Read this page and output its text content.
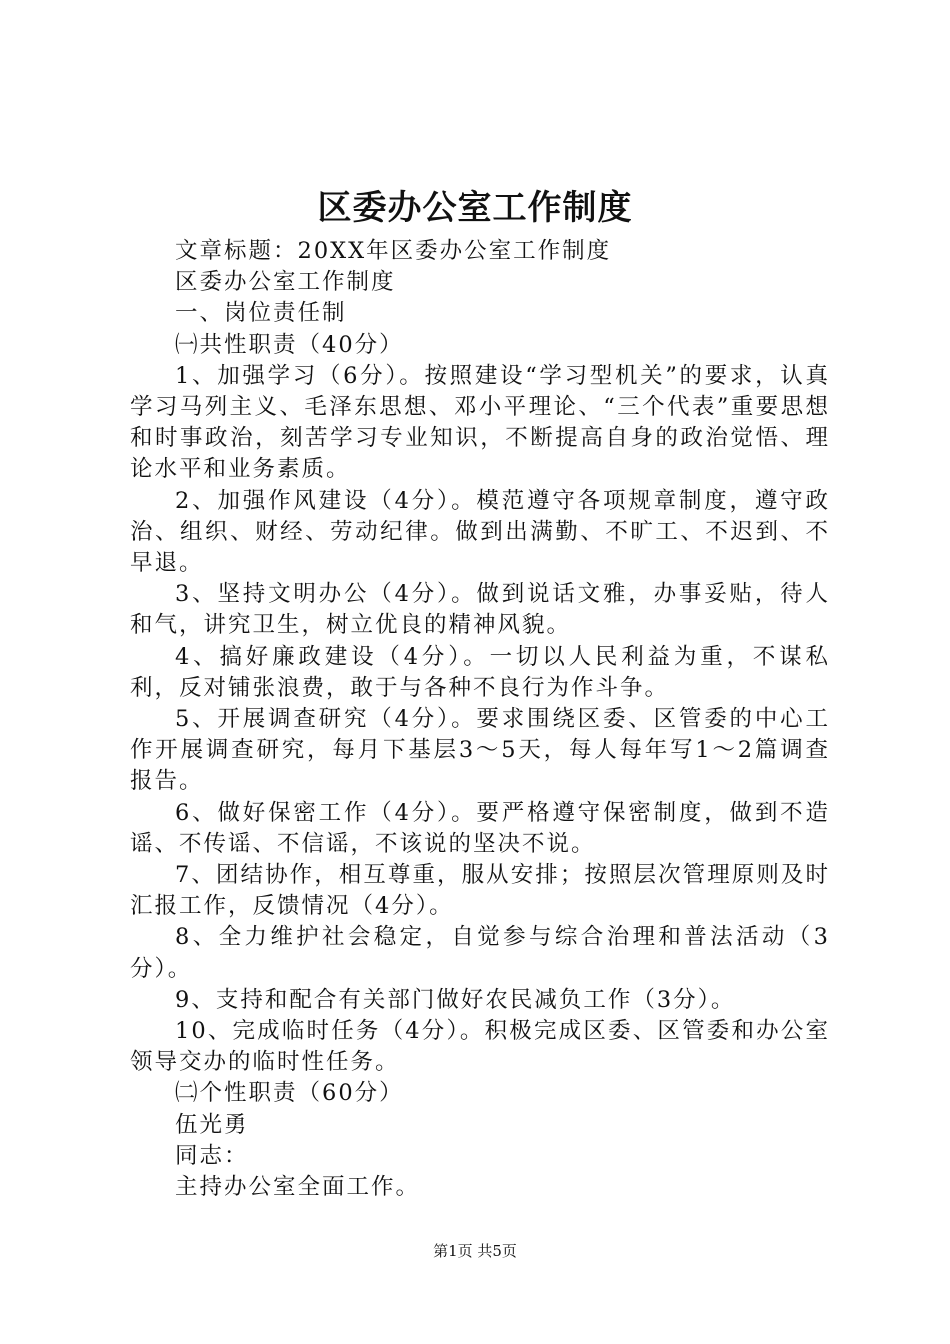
区委办公室工作制度

文章标题：20XX年区委办公室工作制度

区委办公室工作制度

一、岗位责任制

㈠共性职责（40分）

1、加强学习（6分）。按照建设“学习型机关”的要求，认真学习马列主义、毛泽东思想、邓小平理论、“三个代表”重要思想和时事政治，刻苦学习专业知识，不断提高自身的政治觉悟、理论水平和业务素质。

2、加强作风建设（4分）。模范遵守各项规章制度，遵守政治、组织、财经、劳动纪律。做到出满勤、不旷工、不迟到、不早退。

3、坚持文明办公（4分）。做到说话文雅，办事妥贴，待人和气，讲究卫生，树立优良的精神风貌。

4、搞好廉政建设（4分）。一切以人民利益为重，不谋私利，反对铺张浪费，敢于与各种不良行为作斗争。

5、开展调查研究（4分）。要求围绕区委、区管委的中心工作开展调查研究，每月下基层3～5天，每人每年写1～2篇调查报告。

6、做好保密工作（4分）。要严格遵守保密制度，做到不造谣、不传谣、不信谣，不该说的坚决不说。

7、团结协作，相互尊重，服从安排；按照层次管理原则及时汇报工作，反馈情况（4分）。

8、全力维护社会稳定，自觉参与综合治理和普法活动（3分）。

9、支持和配合有关部门做好农民减负工作（3分）。

10、完成临时任务（4分）。积极完成区委、区管委和办公室领导交办的临时性任务。

㈡个性职责（60分）

伍光勇

同志：

主持办公室全面工作。

第1页 共5页
